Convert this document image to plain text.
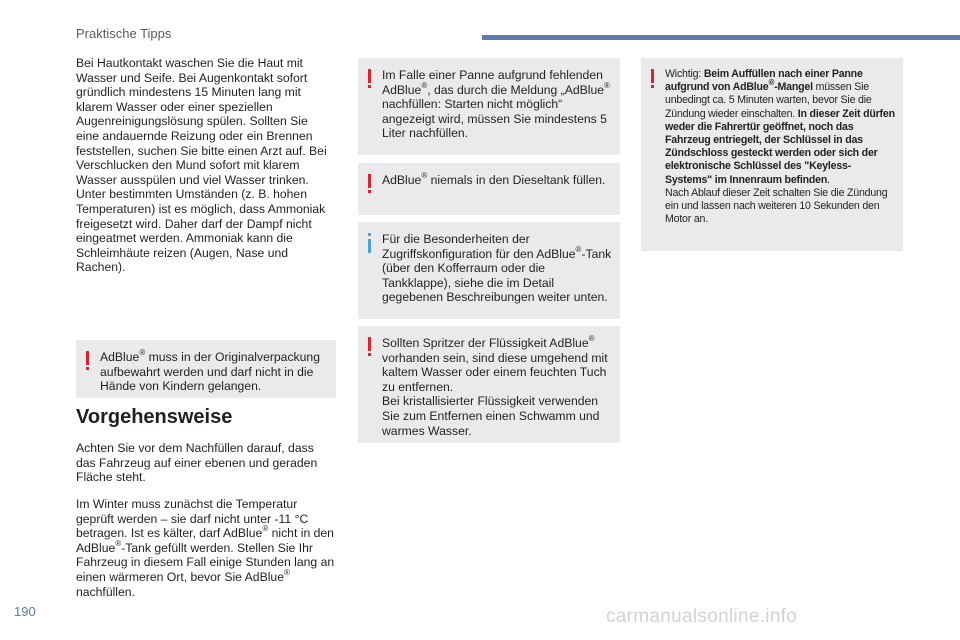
Praktische Tipps

Bei Hautkontakt waschen Sie die Haut mit Wasser und Seife. Bei Augenkontakt sofort gründlich mindestens 15 Minuten lang mit klarem Wasser oder einer speziellen Augenreinigungslösung spülen. Sollten Sie eine andauernde Reizung oder ein Brennen feststellen, suchen Sie bitte einen Arzt auf. Bei Verschlucken den Mund sofort mit klarem Wasser ausspülen und viel Wasser trinken. Unter bestimmten Umständen (z. B. hohen Temperaturen) ist es möglich, dass Ammoniak freigesetzt wird. Daher darf der Dampf nicht eingeatmet werden. Ammoniak kann die Schleimhäute reizen (Augen, Nase und Rachen).

AdBlue® muss in der Originalverpackung aufbewahrt werden und darf nicht in die Hände von Kindern gelangen.
Vorgehensweise

Achten Sie vor dem Nachfüllen darauf, dass das Fahrzeug auf einer ebenen und geraden Fläche steht.

Im Winter muss zunächst die Temperatur geprüft werden – sie darf nicht unter -11 °C betragen. Ist es kälter, darf AdBlue® nicht in den AdBlue®-Tank gefüllt werden. Stellen Sie Ihr Fahrzeug in diesem Fall einige Stunden lang an einen wärmeren Ort, bevor Sie AdBlue® nachfüllen.

Im Falle einer Panne aufgrund fehlenden AdBlue®, das durch die Meldung „AdBlue® nachfüllen: Starten nicht möglich“ angezeigt wird, müssen Sie mindestens 5 Liter nachfüllen.
AdBlue® niemals in den Dieseltank füllen.
Für die Besonderheiten der Zugriffskonfiguration für den AdBlue®-Tank (über den Kofferraum oder die Tankklappe), siehe die im Detail gegebenen Beschreibungen weiter unten.
Sollten Spritzer der Flüssigkeit AdBlue® vorhanden sein, sind diese umgehend mit kaltem Wasser oder einem feuchten Tuch zu entfernen.
Bei kristallisierter Flüssigkeit verwenden Sie zum Entfernen einen Schwamm und warmes Wasser.
Wichtig: Beim Auffüllen nach einer Panne aufgrund von AdBlue®-Mangel müssen Sie unbedingt ca. 5 Minuten warten, bevor Sie die Zündung wieder einschalten. In dieser Zeit dürfen weder die Fahrertür geöffnet, noch das Fahrzeug entriegelt, der Schlüssel in das Zündschloss gesteckt werden oder sich der elektronische Schlüssel des "Keyless-Systems" im Innenraum befinden.
Nach Ablauf dieser Zeit schalten Sie die Zündung ein und lassen nach weiteren 10 Sekunden den Motor an.
190	carmanualsonline.info
